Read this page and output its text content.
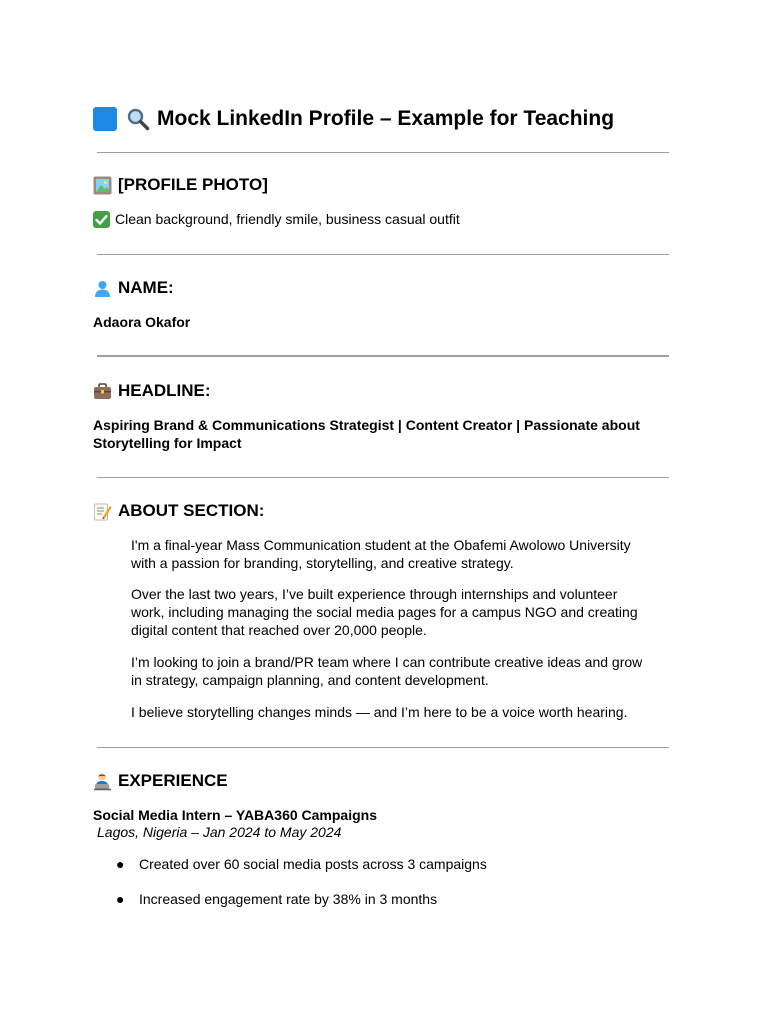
Mock LinkedIn Profile – Example for Teaching
[PROFILE PHOTO]
Clean background, friendly smile, business casual outfit
NAME:
Adaora Okafor
HEADLINE:
Aspiring Brand & Communications Strategist | Content Creator | Passionate about
Storytelling for Impact
ABOUT SECTION:
I'm a final-year Mass Communication student at the Obafemi Awolowo University with a passion for branding, storytelling, and creative strategy.
Over the last two years, I’ve built experience through internships and volunteer work, including managing the social media pages for a campus NGO and creating digital content that reached over 20,000 people.
I’m looking to join a brand/PR team where I can contribute creative ideas and grow in strategy, campaign planning, and content development.
I believe storytelling changes minds — and I’m here to be a voice worth hearing.
EXPERIENCE
Social Media Intern – YABA360 Campaigns
Lagos, Nigeria – Jan 2024 to May 2024
●	Created over 60 social media posts across 3 campaigns
●	Increased engagement rate by 38% in 3 months
